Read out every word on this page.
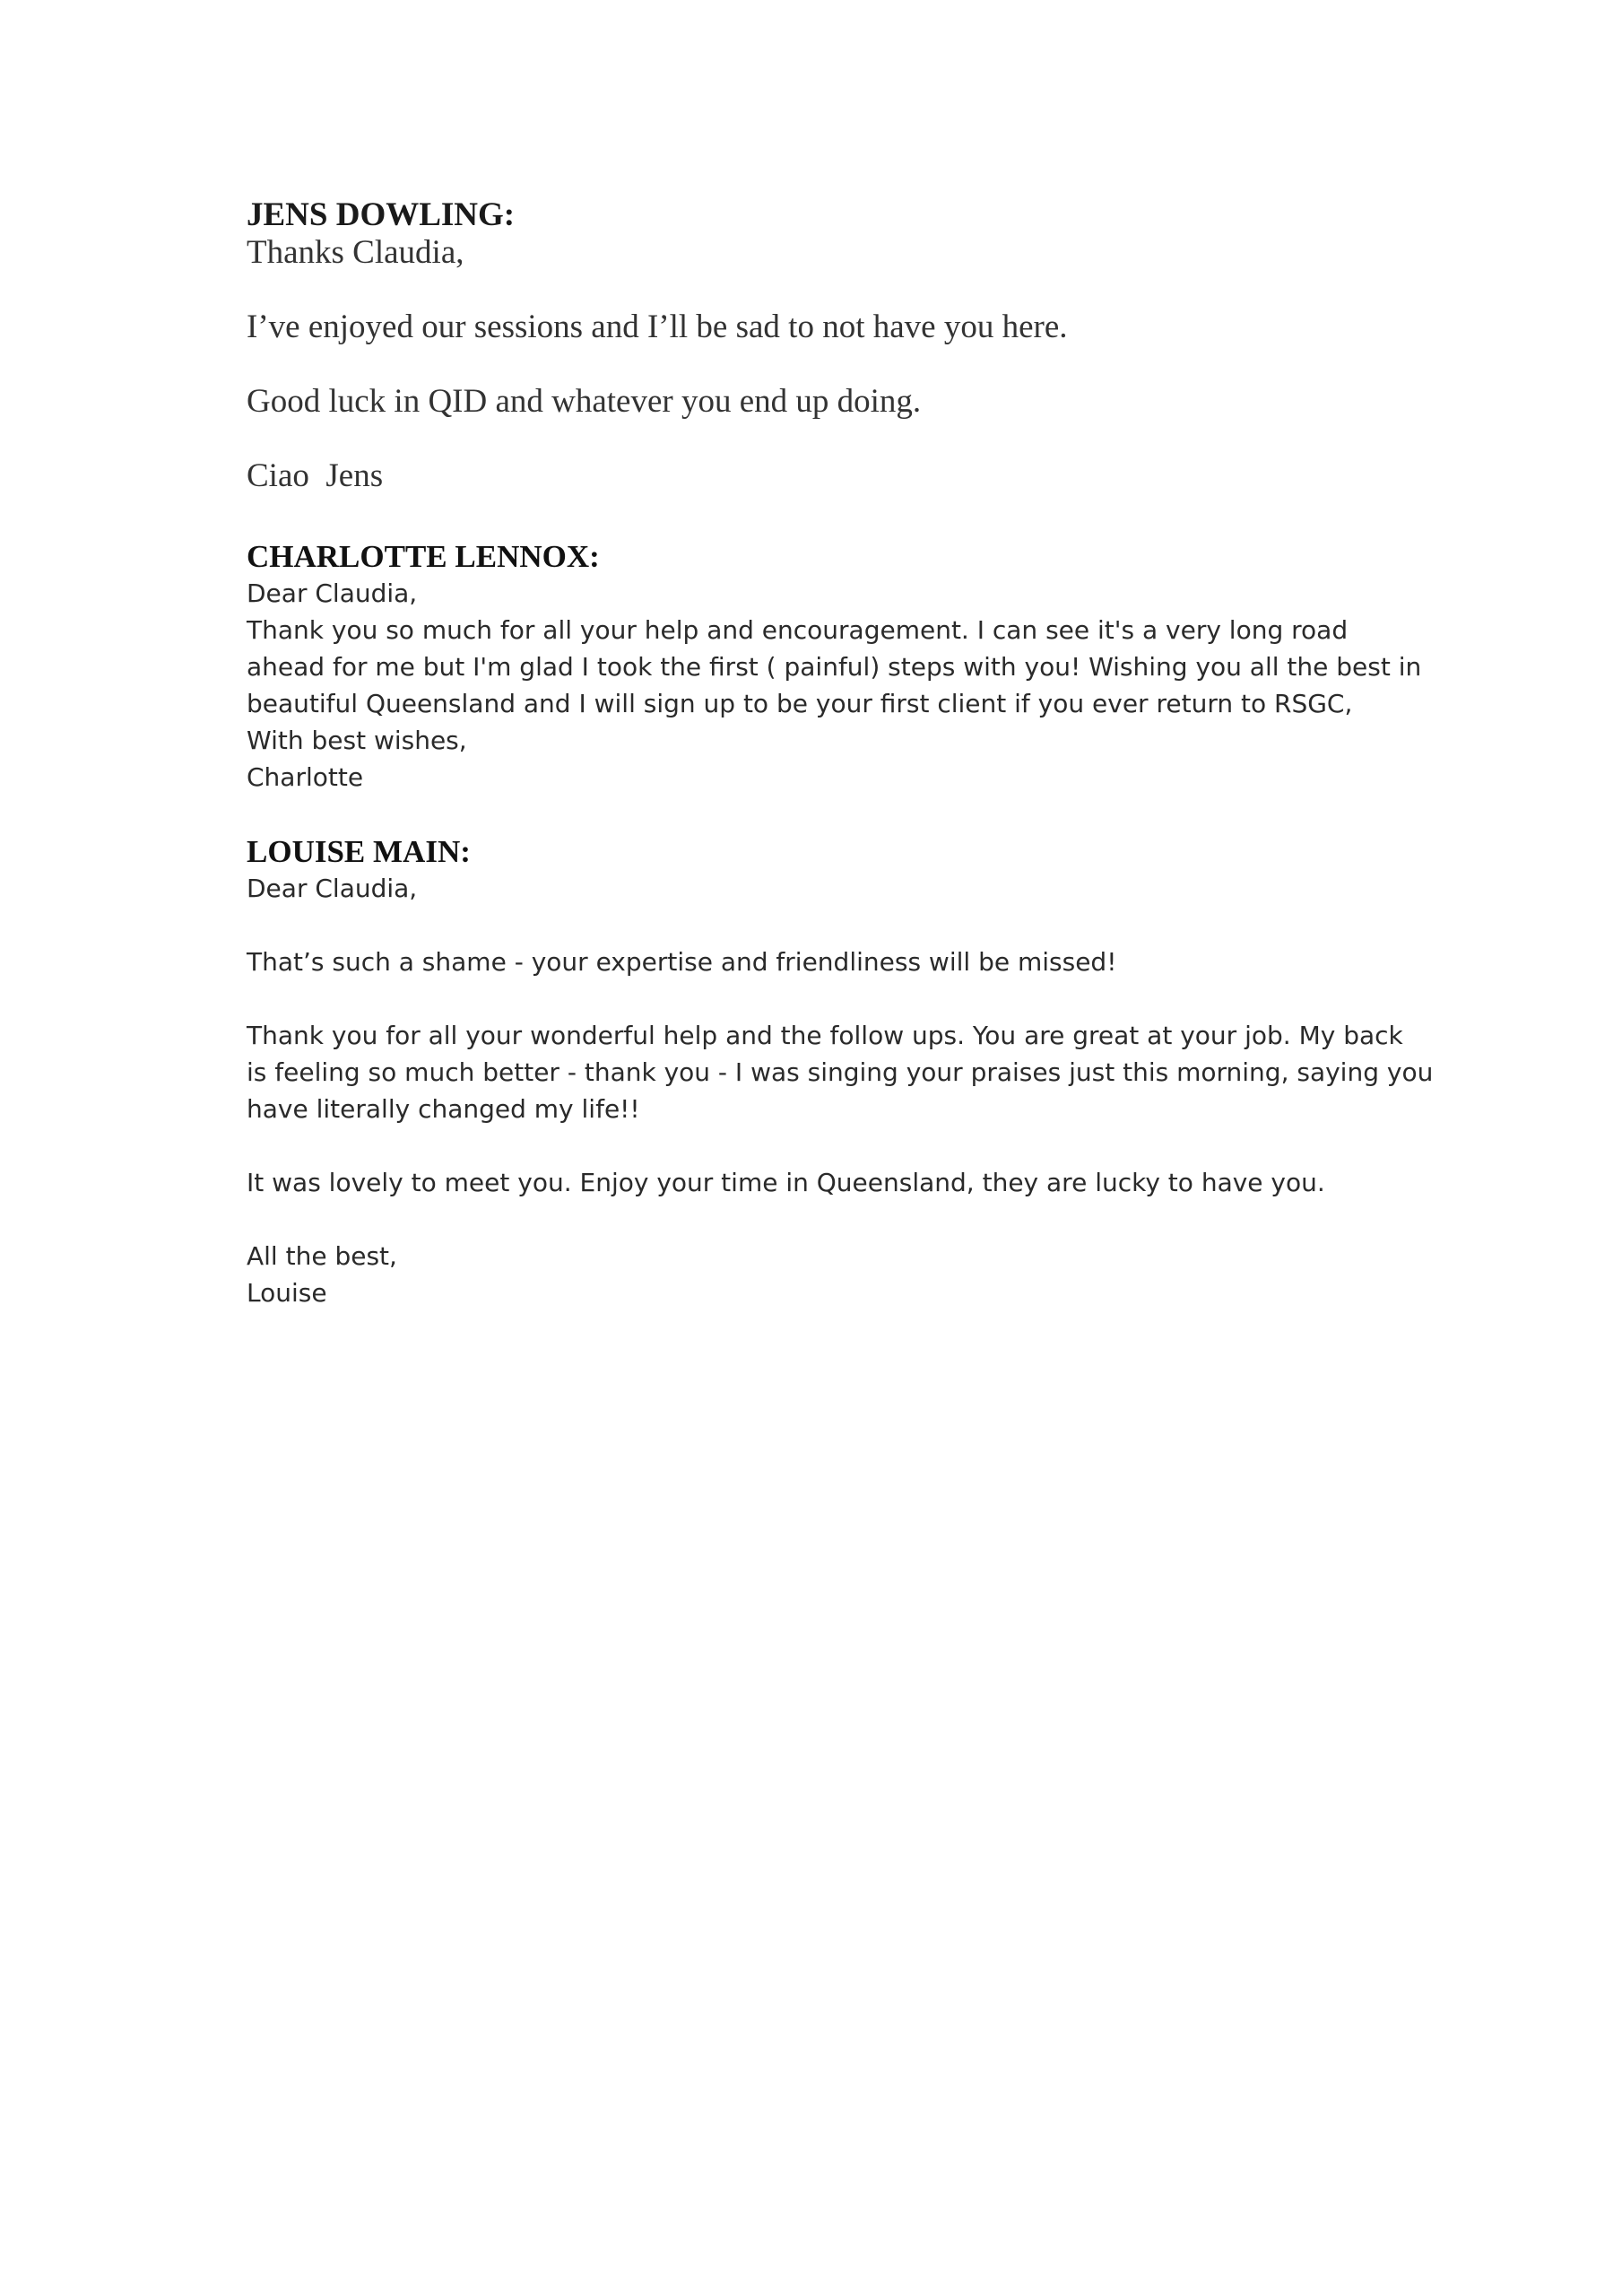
JENS DOWLING:

Thanks Claudia,

I’ve enjoyed our sessions and I’ll be sad to not have you here.

Good luck in QID and whatever you end up doing.

Ciao  Jens

CHARLOTTE LENNOX:

Dear Claudia,

Thank you so much for all your help and encouragement. I can see it's a very long road

ahead for me but I'm glad I took the first ( painful) steps with you! Wishing you all the best in

beautiful Queensland and I will sign up to be your first client if you ever return to RSGC,

With best wishes,

Charlotte

LOUISE MAIN:

Dear Claudia,

That’s such a shame - your expertise and friendliness will be missed!

Thank you for all your wonderful help and the follow ups. You are great at your job. My back

is feeling so much better - thank you - I was singing your praises just this morning, saying you

have literally changed my life!!

It was lovely to meet you. Enjoy your time in Queensland, they are lucky to have you.

All the best,

Louise
